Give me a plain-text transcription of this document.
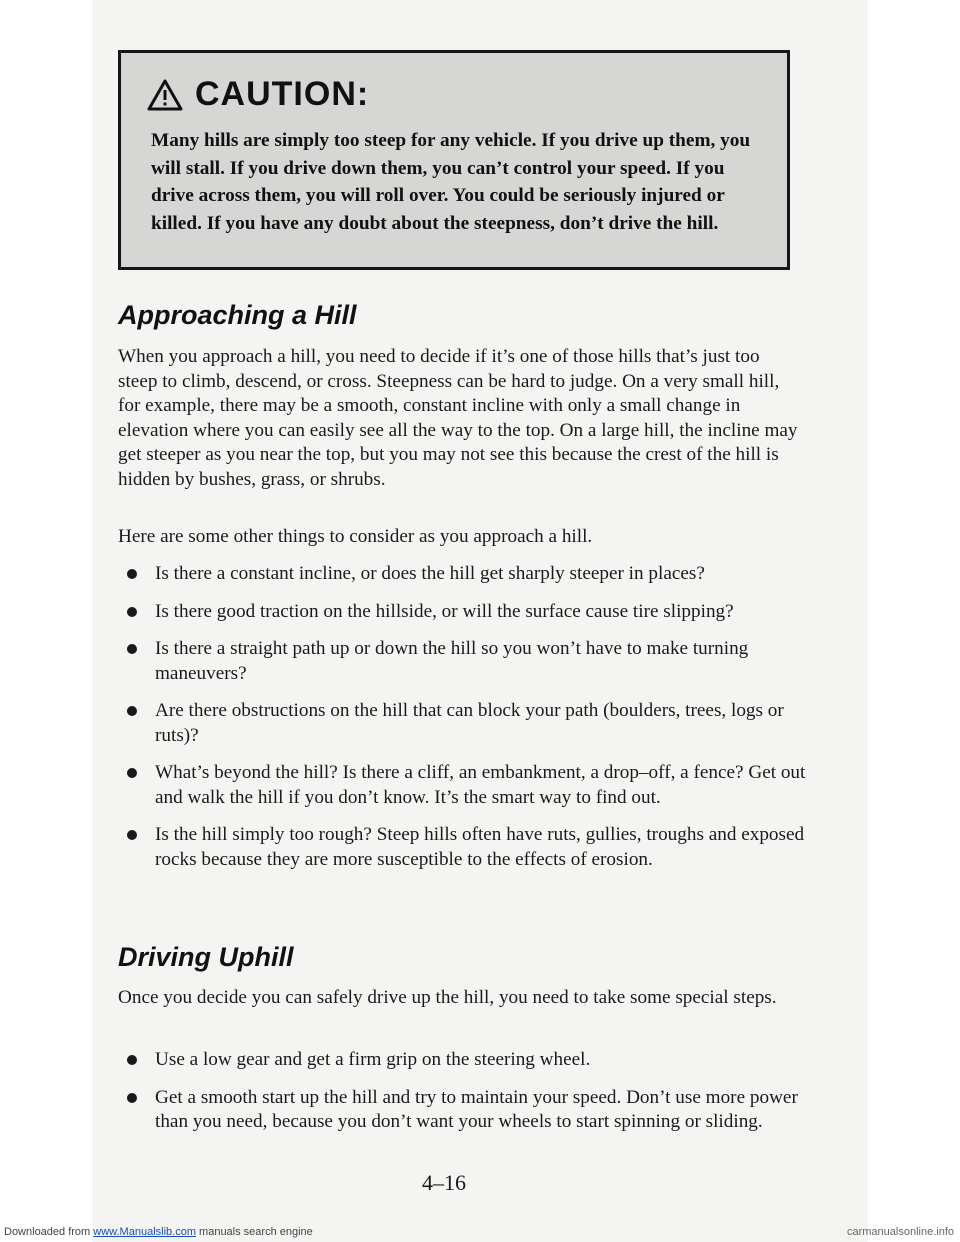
CAUTION:
Many hills are simply too steep for any vehicle. If you drive up them, you will stall. If you drive down them, you can’t control your speed. If you drive across them, you will roll over. You could be seriously injured or killed. If you have any doubt about the steepness, don’t drive the hill.
Approaching a Hill

When you approach a hill, you need to decide if it’s one of those hills that’s just too steep to climb, descend, or cross. Steepness can be hard to judge. On a very small hill, for example, there may be a smooth, constant incline with only a small change in elevation where you can easily see all the way to the top. On a large hill, the incline may get steeper as you near the top, but you may not see this because the crest of the hill is hidden by bushes, grass, or shrubs.

Here are some other things to consider as you approach a hill.

Is there a constant incline, or does the hill get sharply steeper in places?
Is there good traction on the hillside, or will the surface cause tire slipping?
Is there a straight path up or down the hill so you won’t have to make turning maneuvers?
Are there obstructions on the hill that can block your path (boulders, trees, logs or ruts)?
What’s beyond the hill? Is there a cliff, an embankment, a drop–off, a fence? Get out and walk the hill if you don’t know. It’s the smart way to find out.
Is the hill simply too rough? Steep hills often have ruts, gullies, troughs and exposed rocks because they are more susceptible to the effects of erosion.
Driving Uphill

Once you decide you can safely drive up the hill, you need to take some special steps.

Use a low gear and get a firm grip on the steering wheel.
Get a smooth start up the hill and try to maintain your speed. Don’t use more power than you need, because you don’t want your wheels to start spinning or sliding.
4–16
Downloaded from www.Manualslib.com manuals search engine	carmanualsonline.info
